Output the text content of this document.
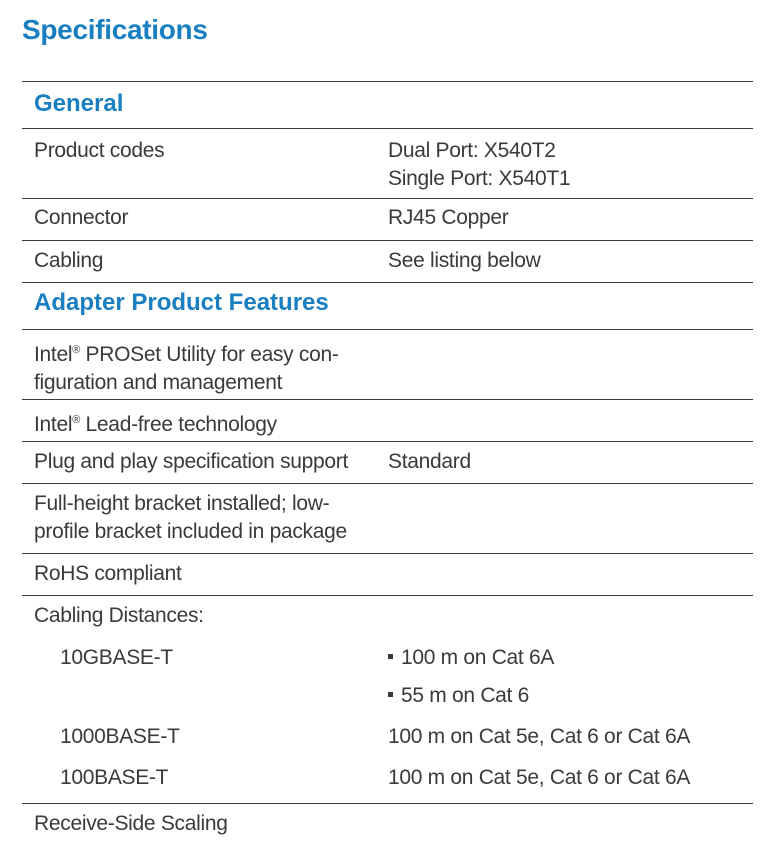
Specifications
General
Product codes	Dual Port: X540T2
Single Port: X540T1
Connector	RJ45 Copper
Cabling	See listing below
Adapter Product Features
Intel® PROSet Utility for easy con-
figuration and management
Intel® Lead-free technology
Plug and play specification support	Standard
Full-height bracket installed; low-
profile bracket included in package
RoHS compliant
Cabling Distances:
10GBASE-T	100 m on Cat 6A
55 m on Cat 6
1000BASE-T	100 m on Cat 5e, Cat 6 or Cat 6A
100BASE-T	100 m on Cat 5e, Cat 6 or Cat 6A
Receive-Side Scaling
